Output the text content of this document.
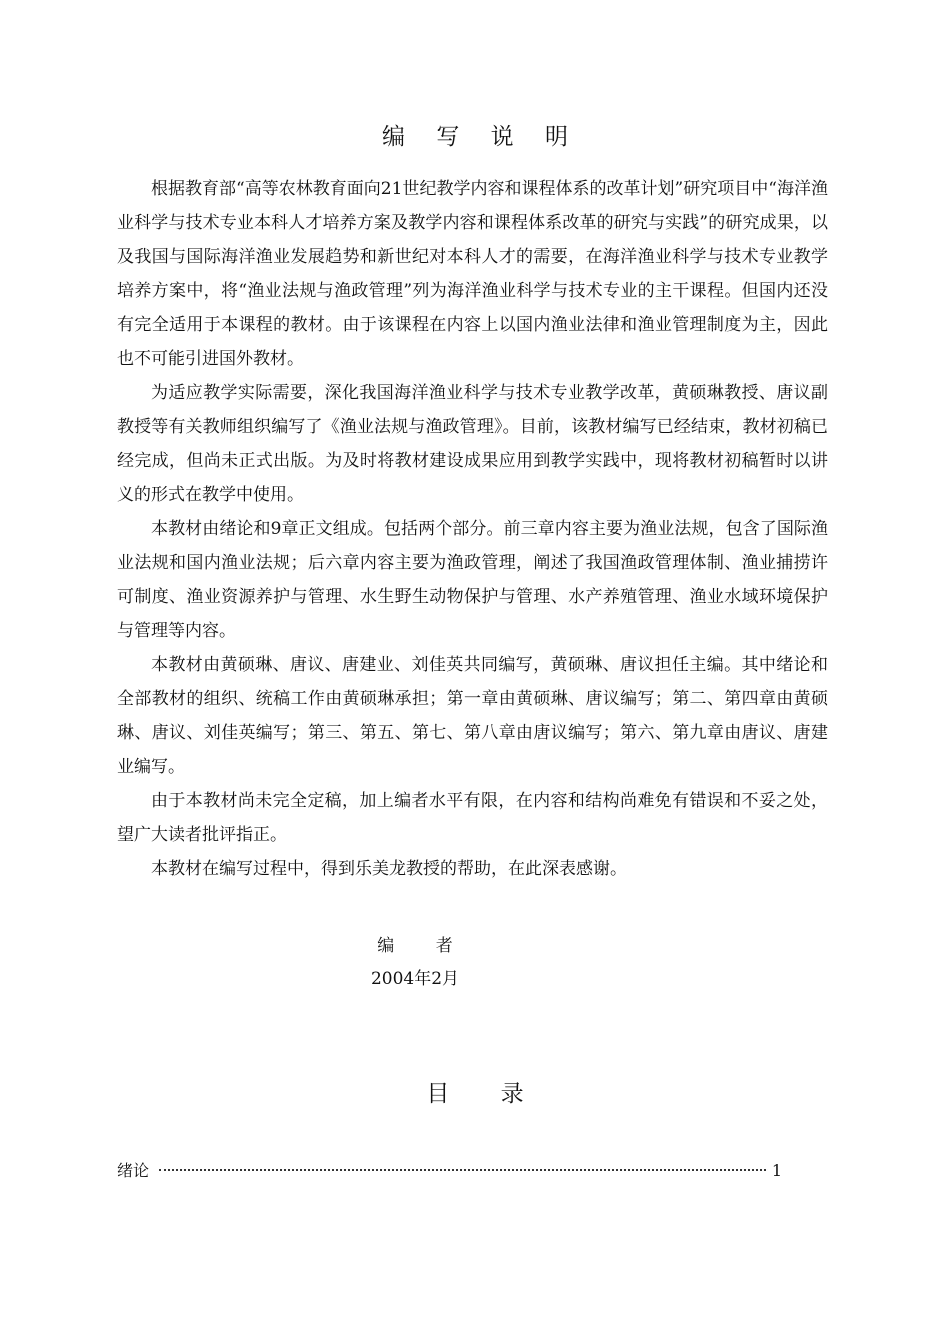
编 写 说 明

根据教育部“高等农林教育面向21世纪教学内容和课程体系的改革计划”研究项目中“海洋渔业科学与技术专业本科人才培养方案及教学内容和课程体系改革的研究与实践”的研究成果，以及我国与国际海洋渔业发展趋势和新世纪对本科人才的需要，在海洋渔业科学与技术专业教学培养方案中，将“渔业法规与渔政管理”列为海洋渔业科学与技术专业的主干课程。但国内还没有完全适用于本课程的教材。由于该课程在内容上以国内渔业法律和渔业管理制度为主，因此也不可能引进国外教材。

为适应教学实际需要，深化我国海洋渔业科学与技术专业教学改革，黄硕琳教授、唐议副教授等有关教师组织编写了《渔业法规与渔政管理》。目前，该教材编写已经结束，教材初稿已经完成，但尚未正式出版。为及时将教材建设成果应用到教学实践中，现将教材初稿暂时以讲义的形式在教学中使用。

本教材由绪论和9章正文组成。包括两个部分。前三章内容主要为渔业法规，包含了国际渔业法规和国内渔业法规；后六章内容主要为渔政管理，阐述了我国渔政管理体制、渔业捕捞许可制度、渔业资源养护与管理、水生野生动物保护与管理、水产养殖管理、渔业水域环境保护与管理等内容。

本教材由黄硕琳、唐议、唐建业、刘佳英共同编写，黄硕琳、唐议担任主编。其中绪论和全部教材的组织、统稿工作由黄硕琳承担；第一章由黄硕琳、唐议编写；第二、第四章由黄硕琳、唐议、刘佳英编写；第三、第五、第七、第八章由唐议编写；第六、第九章由唐议、唐建业编写。

由于本教材尚未完全定稿，加上编者水平有限，在内容和结构尚难免有错误和不妥之处，望广大读者批评指正。

本教材在编写过程中，得到乐美龙教授的帮助，在此深表感谢。

编 者
2004年2月
目 录
绪论	1
